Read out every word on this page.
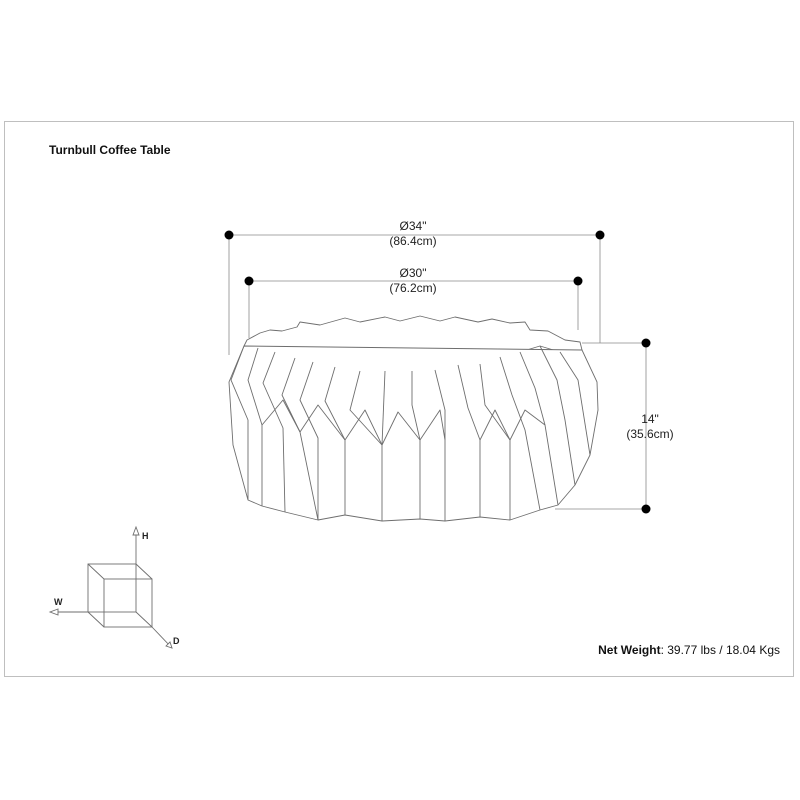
Turnbull Coffee Table
Ø34"
(86.4cm)
Ø30"
(76.2cm)
14"
(35.6cm)
H
W
D
Net Weight: 39.77 lbs / 18.04 Kgs
